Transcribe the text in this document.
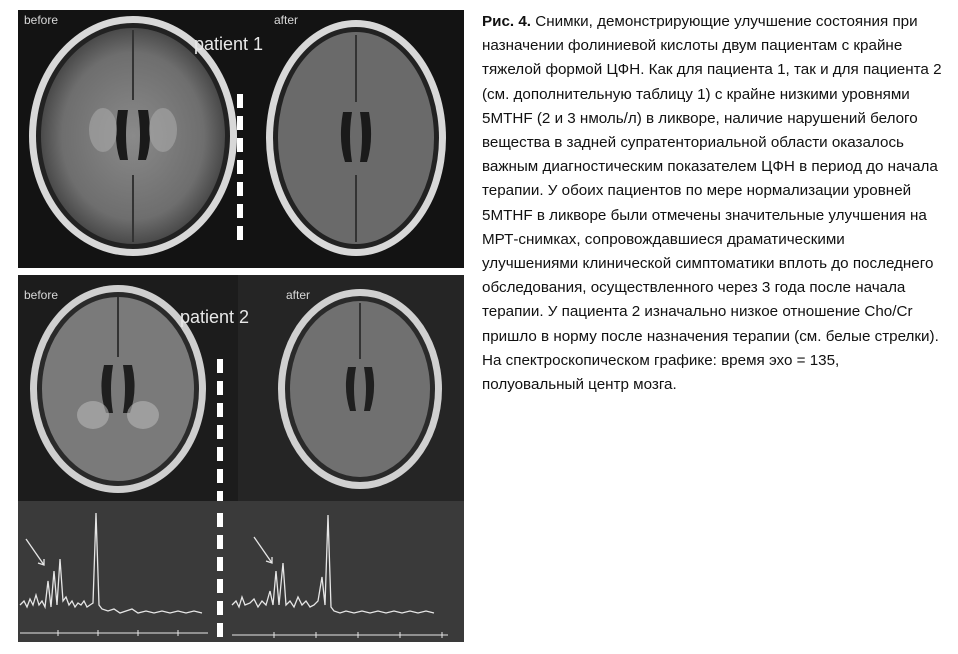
before	after
patient 1
before	after
patient 2
Рис. 4. Снимки, демонстрирующие улучшение состояния при назначении фолиниевой кислоты двум пациентам с крайне тяжелой формой ЦФН. Как для пациента 1, так и для пациента 2 (см. дополнительную таблицу 1) с крайне низкими уровнями 5MTHF (2 и 3 нмоль/л) в ликворе, наличие нарушений белого вещества в задней супратенториальной области оказалось важным диагностическим показателем ЦФН в период до начала терапии. У обоих пациентов по мере нормализации уровней 5MTHF в ликворе были отмечены значительные улучшения на МРТ-снимках, сопровождавшиеся драматическими улучшениями клинической симптоматики вплоть до последнего обследования, осуществленного через 3 года после начала терапии. У пациента 2 изначально низкое отношение Cho/Cr пришло в норму после назначения терапии (см. белые стрелки). На спектроскопическом графике: время эхо = 135, полуовальный центр мозга.
